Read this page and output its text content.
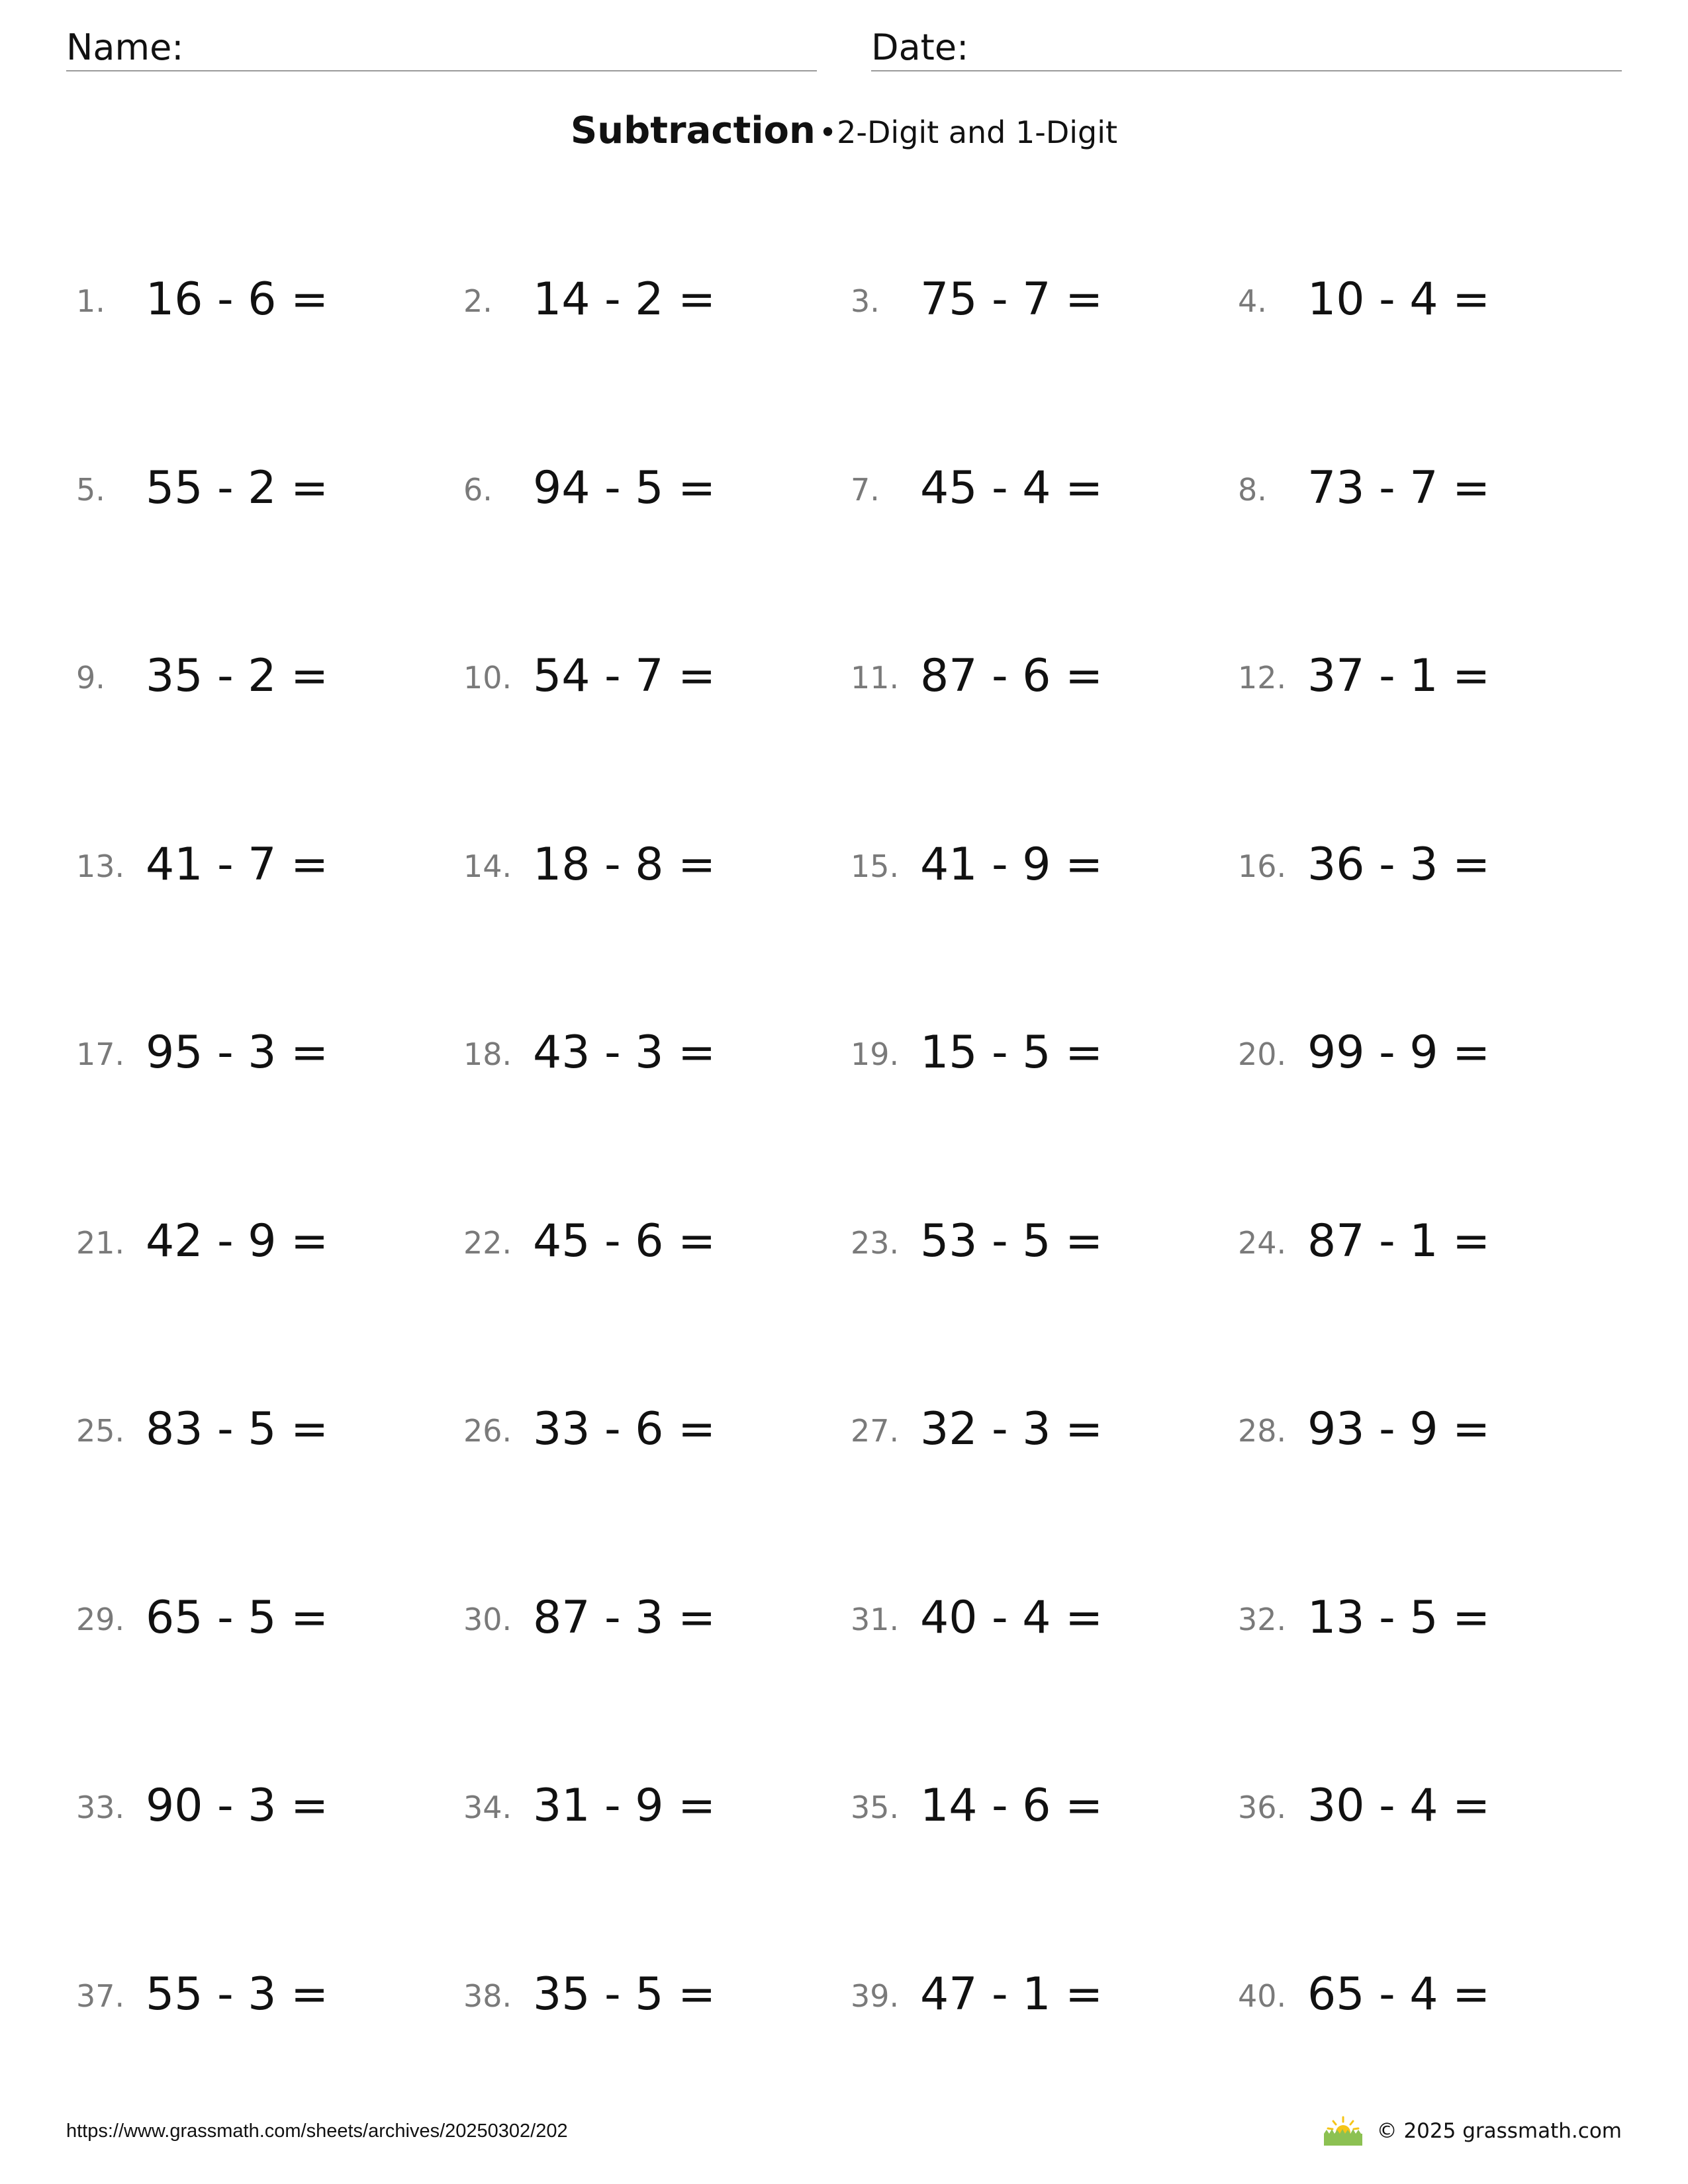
Name:	Date:
Subtraction •2-Digit and 1-Digit
1. 16 - 6 =	2. 14 - 2 =	3. 75 - 7 =	4. 10 - 4 =
5. 55 - 2 =	6. 94 - 5 =	7. 45 - 4 =	8. 73 - 7 =
9. 35 - 2 =	10. 54 - 7 =	11. 87 - 6 =	12. 37 - 1 =
13. 41 - 7 =	14. 18 - 8 =	15. 41 - 9 =	16. 36 - 3 =
17. 95 - 3 =	18. 43 - 3 =	19. 15 - 5 =	20. 99 - 9 =
21. 42 - 9 =	22. 45 - 6 =	23. 53 - 5 =	24. 87 - 1 =
25. 83 - 5 =	26. 33 - 6 =	27. 32 - 3 =	28. 93 - 9 =
29. 65 - 5 =	30. 87 - 3 =	31. 40 - 4 =	32. 13 - 5 =
33. 90 - 3 =	34. 31 - 9 =	35. 14 - 6 =	36. 30 - 4 =
37. 55 - 3 =	38. 35 - 5 =	39. 47 - 1 =	40. 65 - 4 =
https://www.grassmath.com/sheets/archives/20250302/202	© 2025 grassmath.com
